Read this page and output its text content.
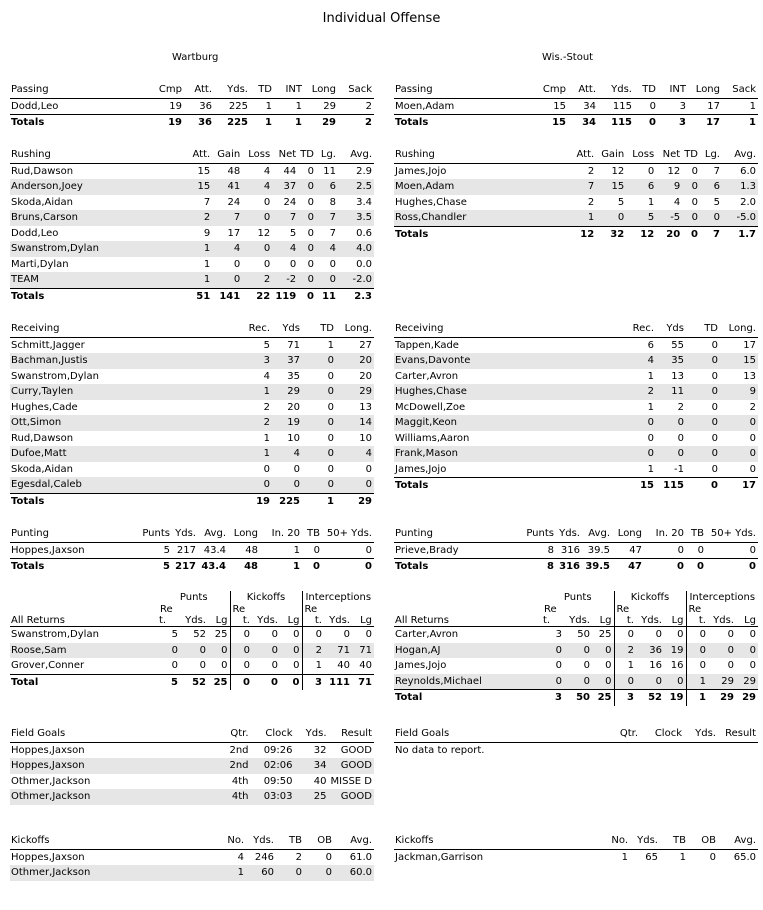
Individual Offense
Wartburg	Wis.-Stout
Passing	Cmp	Att.	Yds.	TD	INT	Long	Sack
Dodd,Leo	19	36	225	1	1	29	2
Totals	19	36	225	1	1	29	2
Passing	Cmp	Att.	Yds.	TD	INT	Long	Sack
Moen,Adam	15	34	115	0	3	17	1
Totals	15	34	115	0	3	17	1
Rushing	Att.	Gain	Loss	Net	TD	Lg.	Avg.
Rud,Dawson	15	48	4	44	0	11	2.9
Anderson,Joey	15	41	4	37	0	6	2.5
Skoda,Aidan	7	24	0	24	0	8	3.4
Bruns,Carson	2	7	0	7	0	7	3.5
Dodd,Leo	9	17	12	5	0	7	0.6
Swanstrom,Dylan	1	4	0	4	0	4	4.0
Marti,Dylan	1	0	0	0	0	0	0.0
TEAM	1	0	2	-2	0	0	-2.0
Totals	51	141	22	119	0	11	2.3
Rushing	Att.	Gain	Loss	Net	TD	Lg.	Avg.
James,Jojo	2	12	0	12	0	7	6.0
Moen,Adam	7	15	6	9	0	6	1.3
Hughes,Chase	2	5	1	4	0	5	2.0
Ross,Chandler	1	0	5	-5	0	0	-5.0
Totals	12	32	12	20	0	7	1.7
Receiving	Rec.	Yds	TD	Long.
Schmitt,Jagger	5	71	1	27
Bachman,Justis	3	37	0	20
Swanstrom,Dylan	4	35	0	20
Curry,Taylen	1	29	0	29
Hughes,Cade	2	20	0	13
Ott,Simon	2	19	0	14
Rud,Dawson	1	10	0	10
Dufoe,Matt	1	4	0	4
Skoda,Aidan	0	0	0	0
Egesdal,Caleb	0	0	0	0
Totals	19	225	1	29
Receiving	Rec.	Yds	TD	Long.
Tappen,Kade	6	55	0	17
Evans,Davonte	4	35	0	15
Carter,Avron	1	13	0	13
Hughes,Chase	2	11	0	9
McDowell,Zoe	1	2	0	2
Maggit,Keon	0	0	0	0
Williams,Aaron	0	0	0	0
Frank,Mason	0	0	0	0
James,Jojo	1	-1	0	0
Totals	15	115	0	17
Punting	Punts	Yds.	Avg.	Long	In. 20	TB	50+ Yds.
Hoppes,Jaxson	5	217	43.4	48	1	0	0
Totals	5	217	43.4	48	1	0	0
Punting	Punts	Yds.	Avg.	Long	In. 20	TB	50+ Yds.
Prieve,Brady	8	316	39.5	47	0	0	0
Totals	8	316	39.5	47	0	0	0
	Punts			Kickoffs			Interceptions		
All Returns	Re			Re			Re		
	t.	Yds.	Lg	t.	Yds.	Lg	t.	Yds.	Lg
Swanstrom,Dylan	5	52	25	0	0	0	0	0	0
Roose,Sam	0	0	0	0	0	0	2	71	71
Grover,Conner	0	0	0	0	0	0	1	40	40
Total	5	52	25	0	0	0	3	111	71
	Punts			Kickoffs			Interceptions		
All Returns	Re			Re			Re		
	t.	Yds.	Lg	t.	Yds.	Lg	t.	Yds.	Lg
Carter,Avron	3	50	25	0	0	0	0	0	0
Hogan,AJ	0	0	0	2	36	19	0	0	0
James,Jojo	0	0	0	1	16	16	0	0	0
Reynolds,Michael	0	0	0	0	0	0	1	29	29
Total	3	50	25	3	52	19	1	29	29
Field Goals	Qtr.	Clock	Yds.	Result
Hoppes,Jaxson	2nd	09:26	32	GOOD
Hoppes,Jaxson	2nd	02:06	34	GOOD
Othmer,Jackson	4th	09:50	40	MISSE D
Othmer,Jackson	4th	03:03	25	GOOD
Field Goals	Qtr.	Clock	Yds.	Result
No data to report.
Kickoffs	No.	Yds.	TB	OB	Avg.
Hoppes,Jaxson	4	246	2	0	61.0
Othmer,Jackson	1	60	0	0	60.0
Kickoffs	No.	Yds.	TB	OB	Avg.
Jackman,Garrison	1	65	1	0	65.0
